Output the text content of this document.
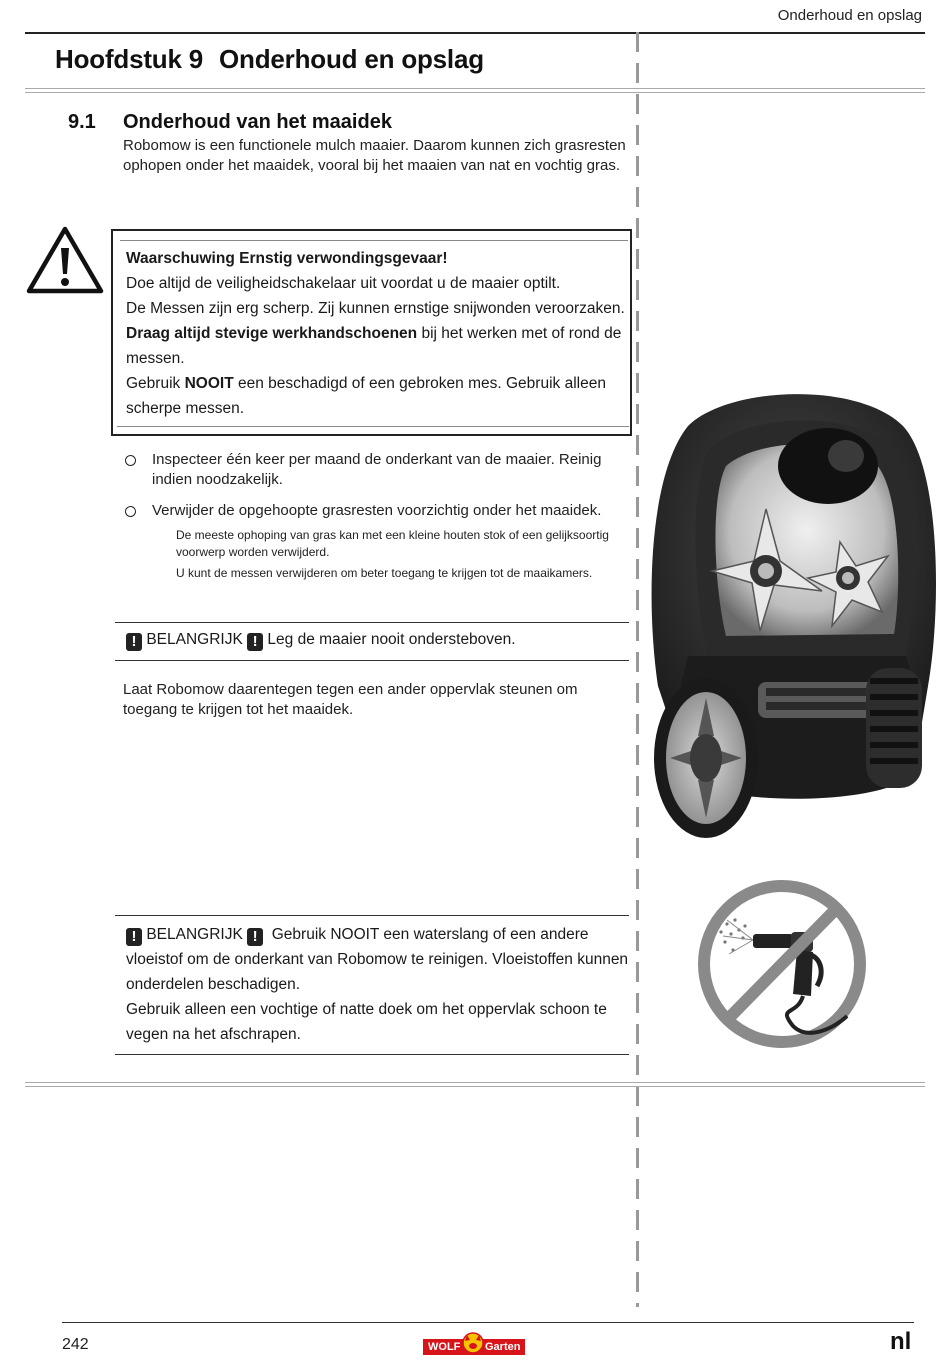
Onderhoud en opslag
Hoofdstuk 9 Onderhoud en opslag
9.1 Onderhoud van het maaidek
Robomow is een functionele mulch maaier. Daarom kunnen zich grasresten
ophopen onder het maaidek, vooral bij het maaien van nat en vochtig gras.
Waarschuwing Ernstig verwondingsgevaar!
Doe altijd de veiligheidschakelaar uit voordat u de maaier optilt.
De Messen zijn erg scherp. Zij kunnen ernstige snijwonden veroorzaken.
Draag altijd stevige werkhandschoenen bij het werken met of rond de
messen.
Gebruik NOOIT een beschadigd of een gebroken mes. Gebruik alleen
scherpe messen.
Inspecteer één keer per maand de onderkant van de maaier. Reinig
indien noodzakelijk.
Verwijder de opgehoopte grasresten voorzichtig onder het maaidek.
De meeste ophoping van gras kan met een kleine houten stok of een gelijksoortig
voorwerp worden verwijderd.
U kunt de messen verwijderen om beter toegang te krijgen tot de maaikamers.
! BELANGRIJK ! Leg de maaier nooit ondersteboven.
Laat Robomow daarentegen tegen een ander oppervlak steunen om
toegang te krijgen tot het maaidek.
! BELANGRIJK ! Gebruik NOOIT een waterslang of een andere
vloeistof om de onderkant van Robomow te reinigen. Vloeistoffen kunnen
onderdelen beschadigen.
Gebruik alleen een vochtige of natte doek om het oppervlak schoon te
vegen na het afschrapen.
242	nl
WOLF Garten
